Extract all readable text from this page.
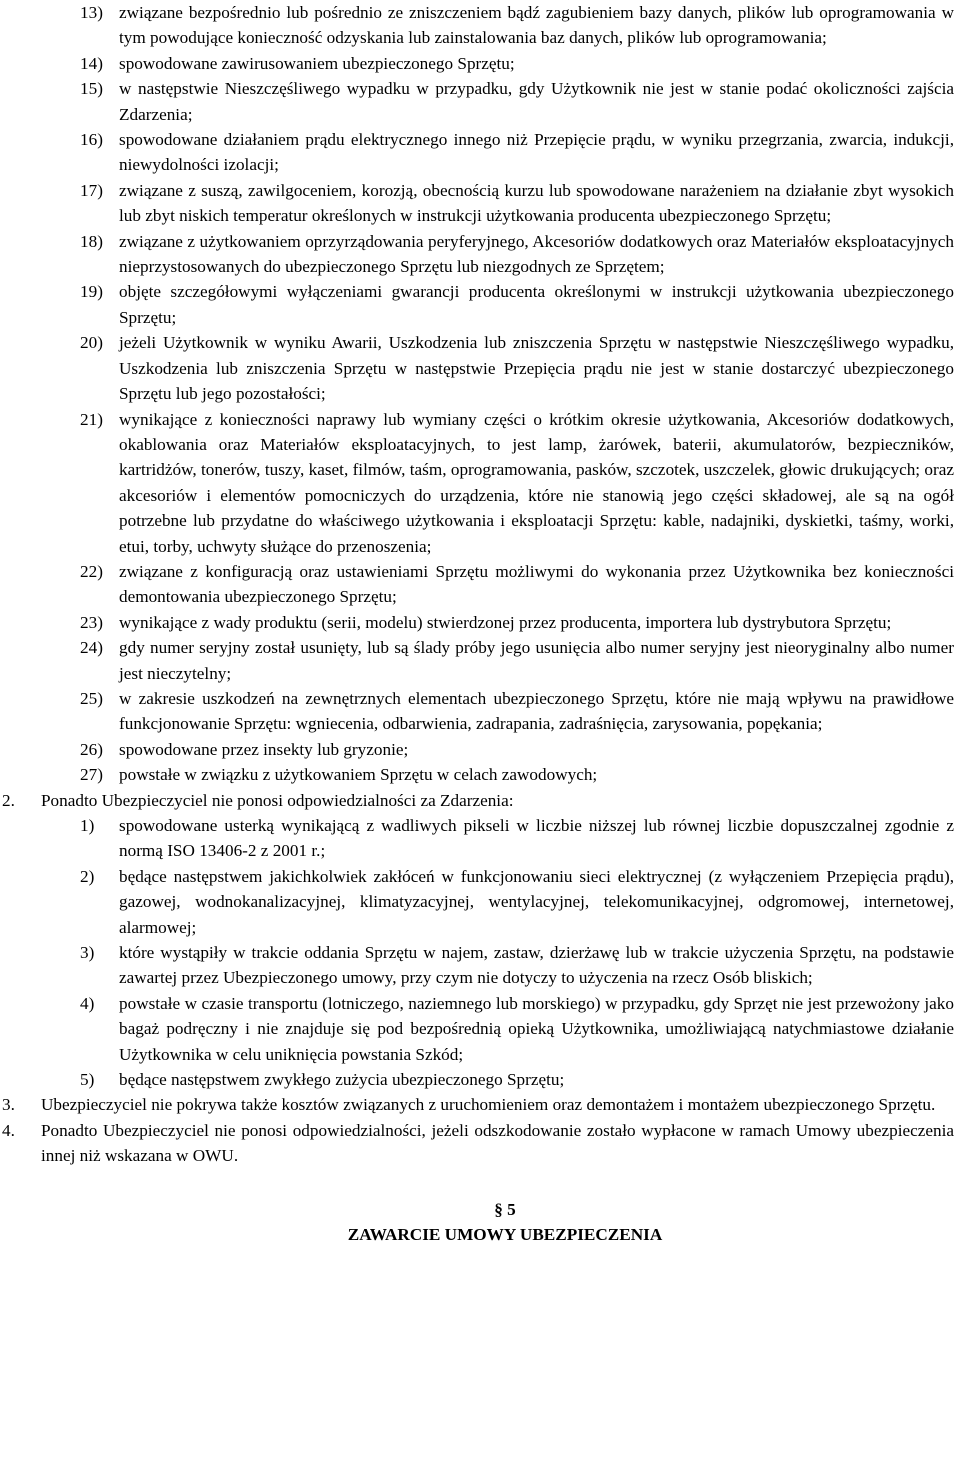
13) związane bezpośrednio lub pośrednio ze zniszczeniem bądź zagubieniem bazy danych, plików lub oprogramowania w tym powodujące konieczność odzyskania lub zainstalowania baz danych, plików lub oprogramowania;
14) spowodowane zawirusowaniem ubezpieczonego Sprzętu;
15) w następstwie Nieszczęśliwego wypadku w przypadku, gdy Użytkownik nie jest w stanie podać okoliczności zajścia Zdarzenia;
16) spowodowane działaniem prądu elektrycznego innego niż Przepięcie prądu, w wyniku przegrzania, zwarcia, indukcji, niewydolności izolacji;
17) związane z suszą, zawilgoceniem, korozją, obecnością kurzu lub spowodowane narażeniem na działanie zbyt wysokich lub zbyt niskich temperatur określonych w instrukcji użytkowania producenta ubezpieczonego Sprzętu;
18) związane z użytkowaniem oprzyrządowania peryferyjnego, Akcesoriów dodatkowych oraz Materiałów eksploatacyjnych nieprzystosowanych do ubezpieczonego Sprzętu lub niezgodnych ze Sprzętem;
19) objęte szczegółowymi wyłączeniami gwarancji producenta określonymi w instrukcji użytkowania ubezpieczonego Sprzętu;
20) jeżeli Użytkownik w wyniku Awarii, Uszkodzenia lub zniszczenia Sprzętu w następstwie Nieszczęśliwego wypadku, Uszkodzenia lub zniszczenia Sprzętu w następstwie Przepięcia prądu nie jest w stanie dostarczyć ubezpieczonego Sprzętu lub jego pozostałości;
21) wynikające z konieczności naprawy lub wymiany części o krótkim okresie użytkowania, Akcesoriów dodatkowych, okablowania oraz Materiałów eksploatacyjnych, to jest lamp, żarówek, baterii, akumulatorów, bezpieczników, kartridżów, tonerów, tuszy, kaset, filmów, taśm, oprogramowania, pasków, szczotek, uszczelek, głowic drukujących; oraz akcesoriów i elementów pomocniczych do urządzenia, które nie stanowią jego części składowej, ale są na ogół potrzebne lub przydatne do właściwego użytkowania i eksploatacji Sprzętu: kable, nadajniki, dyskietki, taśmy, worki, etui, torby, uchwyty służące do przenoszenia;
22) związane z konfiguracją oraz ustawieniami Sprzętu możliwymi do wykonania przez Użytkownika bez konieczności demontowania ubezpieczonego Sprzętu;
23) wynikające z wady produktu (serii, modelu) stwierdzonej przez producenta, importera lub dystrybutora Sprzętu;
24) gdy numer seryjny został usunięty, lub są ślady próby jego usunięcia albo numer seryjny jest nieoryginalny albo numer jest nieczytelny;
25) w zakresie uszkodzeń na zewnętrznych elementach ubezpieczonego Sprzętu, które nie mają wpływu na prawidłowe funkcjonowanie Sprzętu: wgniecenia, odbarwienia, zadrapania, zadraśnięcia, zarysowania, popękania;
26) spowodowane przez insekty lub gryzonie;
27) powstałe w związku z użytkowaniem Sprzętu w celach zawodowych;
2. Ponadto Ubezpieczyciel nie ponosi odpowiedzialności za Zdarzenia:
1) spowodowane usterką wynikającą z wadliwych pikseli w liczbie niższej lub równej liczbie dopuszczalnej zgodnie z normą ISO 13406-2 z 2001 r.;
2) będące następstwem jakichkolwiek zakłóceń w funkcjonowaniu sieci elektrycznej (z wyłączeniem Przepięcia prądu), gazowej, wodnokanalizacyjnej, klimatyzacyjnej, wentylacyjnej, telekomunikacyjnej, odgromowej, internetowej, alarmowej;
3) które wystąpiły w trakcie oddania Sprzętu w najem, zastaw, dzierżawę lub w trakcie użyczenia Sprzętu, na podstawie zawartej przez Ubezpieczonego umowy, przy czym nie dotyczy to użyczenia na rzecz Osób bliskich;
4) powstałe w czasie transportu (lotniczego, naziemnego lub morskiego) w przypadku, gdy Sprzęt nie jest przewożony jako bagaż podręczny i nie znajduje się pod bezpośrednią opieką Użytkownika, umożliwiającą natychmiastowe działanie Użytkownika w celu uniknięcia powstania Szkód;
5) będące następstwem zwykłego zużycia ubezpieczonego Sprzętu;
3. Ubezpieczyciel nie pokrywa także kosztów związanych z uruchomieniem oraz demontażem i montażem ubezpieczonego Sprzętu.
4. Ponadto Ubezpieczyciel nie ponosi odpowiedzialności, jeżeli odszkodowanie zostało wypłacone w ramach Umowy ubezpieczenia innej niż wskazana w OWU.
§ 5
ZAWARCIE UMOWY UBEZPIECZENIA
